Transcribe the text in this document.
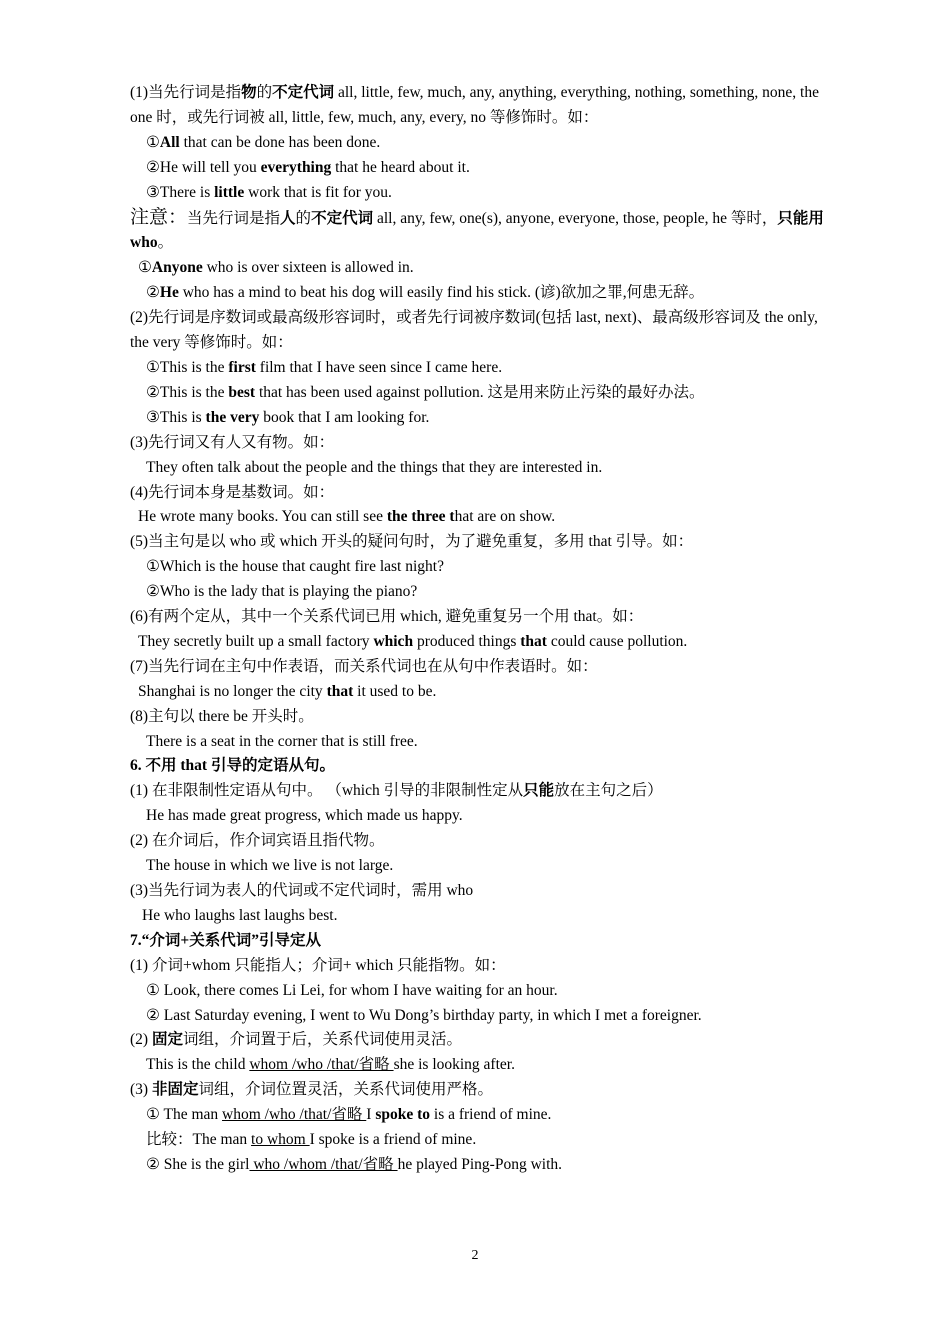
(1)当先行词是指物的不定代词 all, little, few, much, any, anything, everything, nothing, something, none, the one 时，或先行词被 all, little, few, much, any, every, no 等修饰时。如：
①All that can be done has been done.
②He will tell you everything that he heard about it.
③There is little work that is fit for you.
注意：当先行词是指人的不定代词 all, any, few, one(s), anyone, everyone, those, people, he 等时，只能用 who。
①Anyone who is over sixteen is allowed in.
②He who has a mind to beat his dog will easily find his stick. (谚)欲加之罪,何患无辞。
(2)先行词是序数词或最高级形容词时，或者先行词被序数词(包括 last, next)、最高级形容词及 the only, the very 等修饰时。如：
①This is the first film that I have seen since I came here.
②This is the best that has been used against pollution. 这是用来防止污染的最好办法。
③This is the very book that I am looking for.
(3)先行词又有人又有物。如：
They often talk about the people and the things that they are interested in.
(4)先行词本身是基数词。如：
He wrote many books. You can still see the three that are on show.
(5)当主句是以 who 或 which 开头的疑问句时，为了避免重复，多用 that 引导。如：
①Which is the house that caught fire last night?
②Who is the lady that is playing the piano?
(6)有两个定从，其中一个关系代词已用 which, 避免重复另一个用 that。如：
They secretly built up a small factory which produced things that could cause pollution.
(7)当先行词在主句中作表语，而关系代词也在从句中作表语时。如：
Shanghai is no longer the city that it used to be.
(8)主句以 there be 开头时。
There is a seat in the corner that is still free.
6. 不用 that 引导的定语从句。
(1) 在非限制性定语从句中。 （which 引导的非限制性定从只能放在主句之后）
He has made great progress, which made us happy.
(2) 在介词后，作介词宾语且指代物。
The house in which we live is not large.
(3)当先行词为表人的代词或不定代词时，需用 who
He who laughs last laughs best.
7.“介词+关系代词”引导定从
(1) 介词+whom 只能指人；介词+ which 只能指物。如：
① Look, there comes Li Lei, for whom I have waiting for an hour.
② Last Saturday evening, I went to Wu Dong’s birthday party, in which I met a foreigner.
(2) 固定词组，介词置于后，关系代词使用灵活。
This is the child whom /who /that/省略 she is looking after.
(3) 非固定词组，介词位置灵活，关系代词使用严格。
① The man whom /who /that/省略 I spoke to is a friend of mine.
比较：The man to whom I spoke is a friend of mine.
② She is the girl who /whom /that/省略 he played Ping-Pong with.
2
